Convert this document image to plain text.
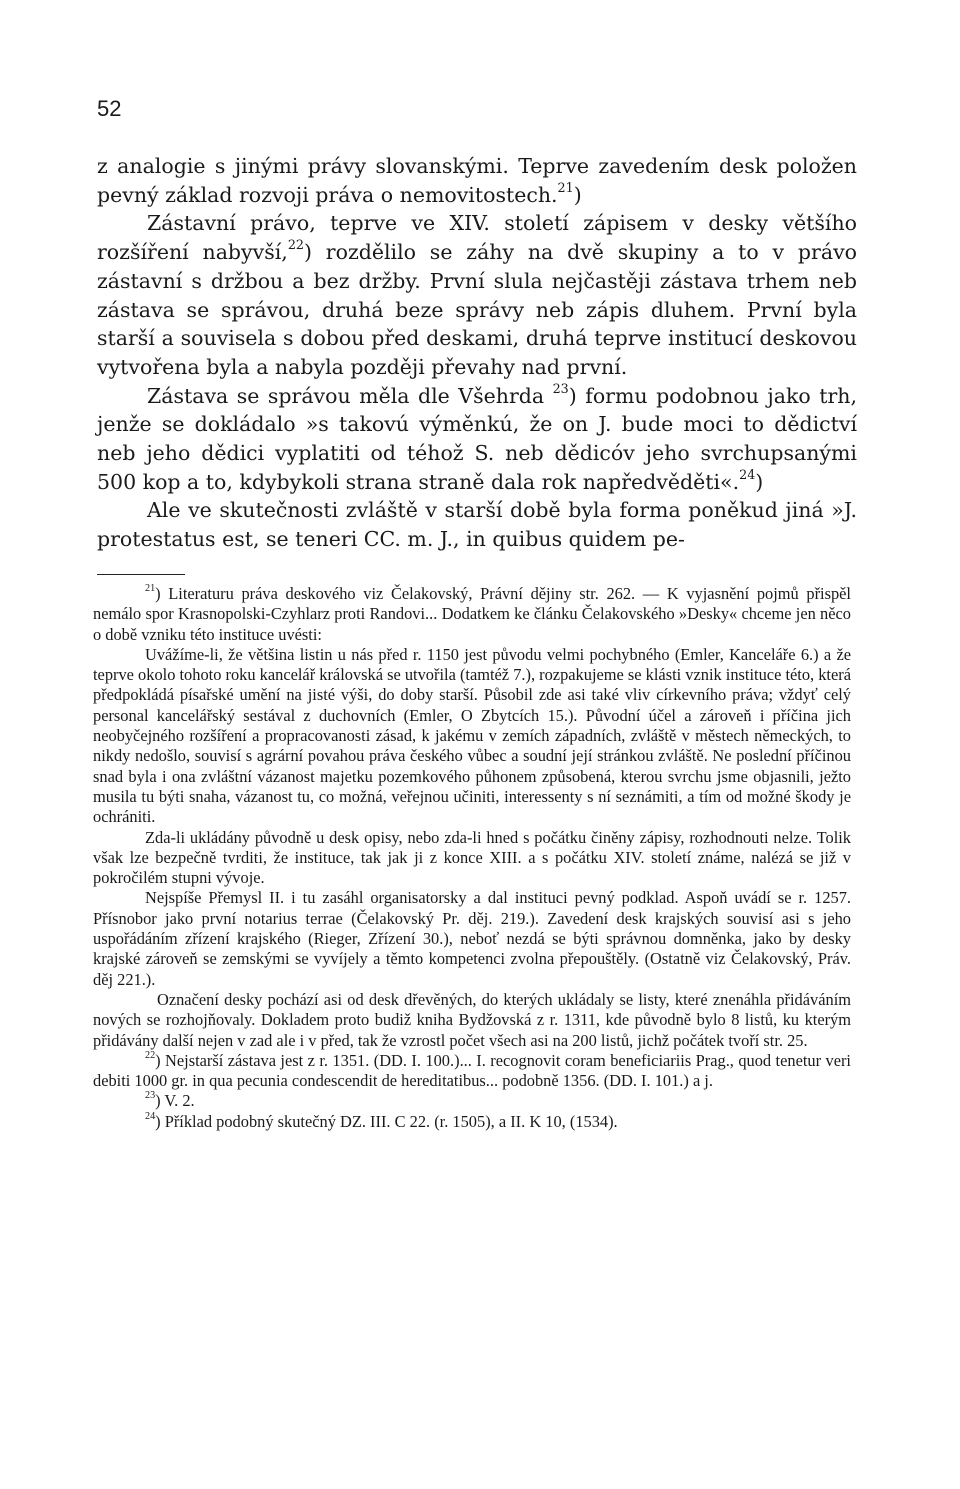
52

z analogie s jinými právy slovanskými. Teprve zavedením desk položen pevný základ rozvoji práva o nemovitostech.$^{21}$)

Zástavní právo, teprve ve XIV. století zápisem v desky většího rozšíření nabyvší,$^{22}$) rozdělilo se záhy na dvě skupiny a to v právo zástavní s držbou a bez držby. První slula nejčastěji zástava trhem neb zástava se správou, druhá beze správy neb zápis dluhem. První byla starší a souvisela s dobou před deskami, druhá teprve institucí deskovou vytvořena byla a nabyla později převahy nad první.

Zástava se správou měla dle Všehrda $^{23}$) formu podobnou jako trh, jenže se dokládalo »s takovú výměnkú, že on J. bude moci to dědictví neb jeho dědici vyplatiti od téhož S. neb dědicóv jeho svrchupsanými 500 kop a to, kdybykoli strana straně dala rok napředvěděti«.$^{24}$)

Ale ve skutečnosti zvláště v starší době byla forma poněkud jiná »J. protestatus est, se teneri CC. m. J., in quibus quidem pe-

$^{21}$) Literaturu práva deskového viz Čelakovský, Právní dějiny str. 262. — K vyjasnění pojmů přispěl nemálo spor Krasnopolski-Czyhlarz proti Randovi... Dodatkem ke článku Čelakovského »Desky« chceme jen něco o době vzniku této instituce uvésti:

Uvážíme-li, že většina listin u nás před r. 1150 jest původu velmi pochybného (Emler, Kanceláře 6.) a že teprve okolo tohoto roku kancelář královská se utvořila (tamtéž 7.), rozpakujeme se klásti vznik instituce této, která předpokládá písařské umění na jisté výši, do doby starší. Působil zde asi také vliv církevního práva; vždyť celý personal kancelářský sestával z duchovních (Emler, O Zbytcích 15.). Původní účel a zároveň i příčina jich neobyčejného rozšíření a propracovanosti zásad, k jakému v zemích západních, zvláště v městech německých, to nikdy nedošlo, souvisí s agrární povahou práva českého vůbec a soudní její stránkou zvláště. Ne poslední příčinou snad byla i ona zvláštní vázanost majetku pozemkového půhonem způsobená, kterou svrchu jsme objasnili, ježto musila tu býti snaha, vázanost tu, co možná, veřejnou učiniti, interessenty s ní seznámiti, a tím od možné škody je ochrániti.

Zda-li ukládány původně u desk opisy, nebo zda-li hned s počátku činěny zápisy, rozhodnouti nelze. Tolik však lze bezpečně tvrditi, že instituce, tak jak ji z konce XIII. a s počátku XIV. století známe, nalézá se již v pokročilém stupni vývoje.

Nejspíše Přemysl II. i tu zasáhl organisatorsky a dal instituci pevný podklad. Aspoň uvádí se r. 1257. Přísnobor jako první notarius terrae (Čelakovský Pr. děj. 219.). Zavedení desk krajských souvisí asi s jeho uspořádáním zřízení krajského (Rieger, Zřízení 30.), neboť nezdá se býti správnou domněnka, jako by desky krajské zároveň se zemskými se vyvíjely a těmto kompetenci zvolna přepouštěly. (Ostatně viz Čelakovský, Práv. děj 221.).

Označení desky pochází asi od desk dřevěných, do kterých ukládaly se listy, které znenáhla přidáváním nových se rozhojňovaly. Dokladem proto budiž kniha Bydžovská z r. 1311, kde původně bylo 8 listů, ku kterým přidávány další nejen v zad ale i v před, tak že vzrostl počet všech asi na 200 listů, jichž počátek tvoří str. 25.

$^{22}$) Nejstarší zástava jest z r. 1351. (DD. I. 100.)... I. recognovit coram beneficiariis Prag., quod tenetur veri debiti 1000 gr. in qua pecunia condescendit de hereditatibus... podobně 1356. (DD. I. 101.) a j.

$^{23}$) V. 2.

$^{24}$) Příklad podobný skutečný DZ. III. C 22. (r. 1505), a II. K 10, (1534).
